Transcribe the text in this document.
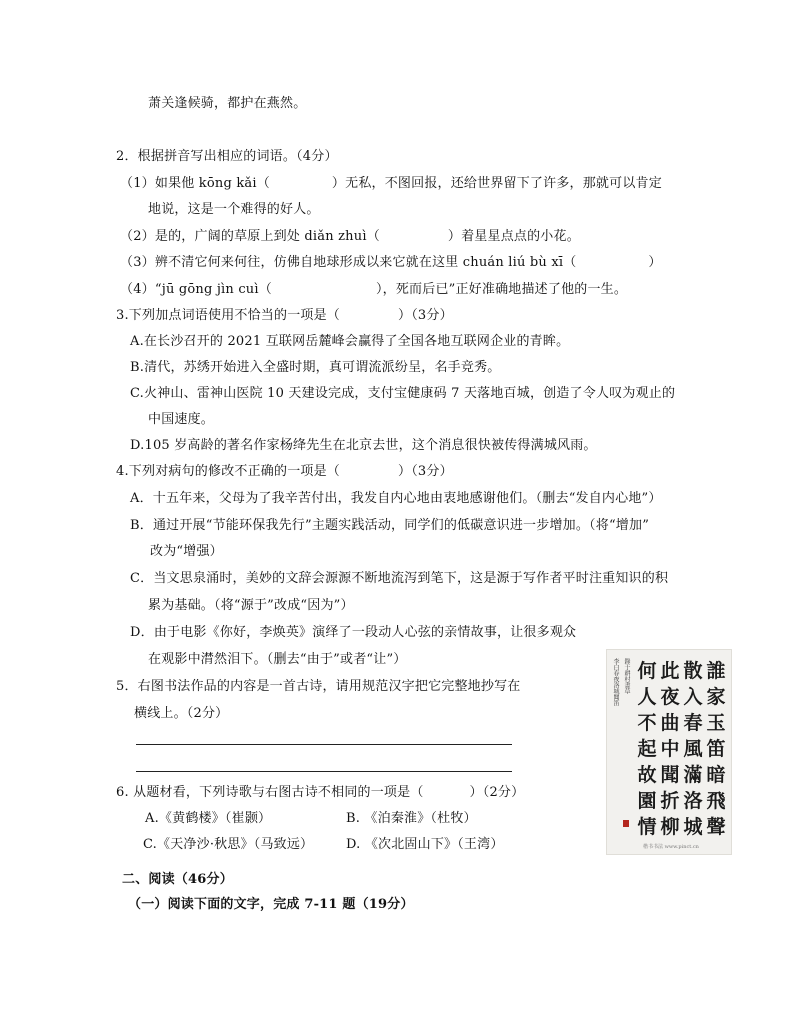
萧关逢候骑，都护在燕然。
2．根据拼音写出相应的词语。（4分）
（1）如果他 kōng kǎi（	）无私，不图回报，还给世界留下了许多，那就可以肯定
地说，这是一个难得的好人。
（2）是的，广阔的草原上到处 diǎn zhuì（	）着星星点点的小花。
（3）辨不清它何来何往，仿佛自地球形成以来它就在这里 chuán liú bù xī（	）
（4）“jū gōng jìn cuì（	），死而后已”正好准确地描述了他的一生。
3.下列加点词语使用不恰当的一项是（	）（3分）
A.在长沙召开的 2021 互联网岳麓峰会赢得了全国各地互联网企业的青眸。
B.清代，苏绣开始进入全盛时期，真可谓流派纷呈，名手竞秀。
C.火神山、雷神山医院 10 天建设完成，支付宝健康码 7 天落地百城，创造了令人叹为观止的
中国速度。
D.105 岁高龄的著名作家杨绛先生在北京去世，这个消息很快被传得满城风雨。
4.下列对病句的修改不正确的一项是（	）（3分）
A．十五年来，父母为了我辛苦付出，我发自内心地由衷地感谢他们。（删去“发自内心地”）
B．通过开展“节能环保我先行”主题实践活动，同学们的低碳意识进一步增加。（将“增加”
改为“增强）
C．当文思泉涌时，美妙的文辞会源源不断地流泻到笔下，这是源于写作者平时注重知识的积
累为基础。（将“源于”改成“因为”）
D．由于电影《你好，李焕英》演绎了一段动人心弦的亲情故事，让很多观众
在观影中潸然泪下。（删去“由于”或者“让”）
5．右图书法作品的内容是一首古诗，请用规范汉字把它完整地抄写在
横线上。（2分）
6. 从题材看，下列诗歌与右图古诗不相同的一项是（	）（2分）
A.《黄鹤楼》（崔颢）	B. 《泊秦淮》（杜牧）
C.《天净沙·秋思》（马致远）	D. 《次北固山下》（王湾）
二、阅读（46分）
（一）阅读下面的文字，完成 7-11 题（19分）
李白春夜洛城聞笛 錄于耕村書草	誰
家
玉
笛
暗
飛
聲
散
入
春
風
滿
洛
城
此
夜
曲
中
聞
折
柳
何
人
不
起
故
園
情
楷书书法 www.pinct.cn
